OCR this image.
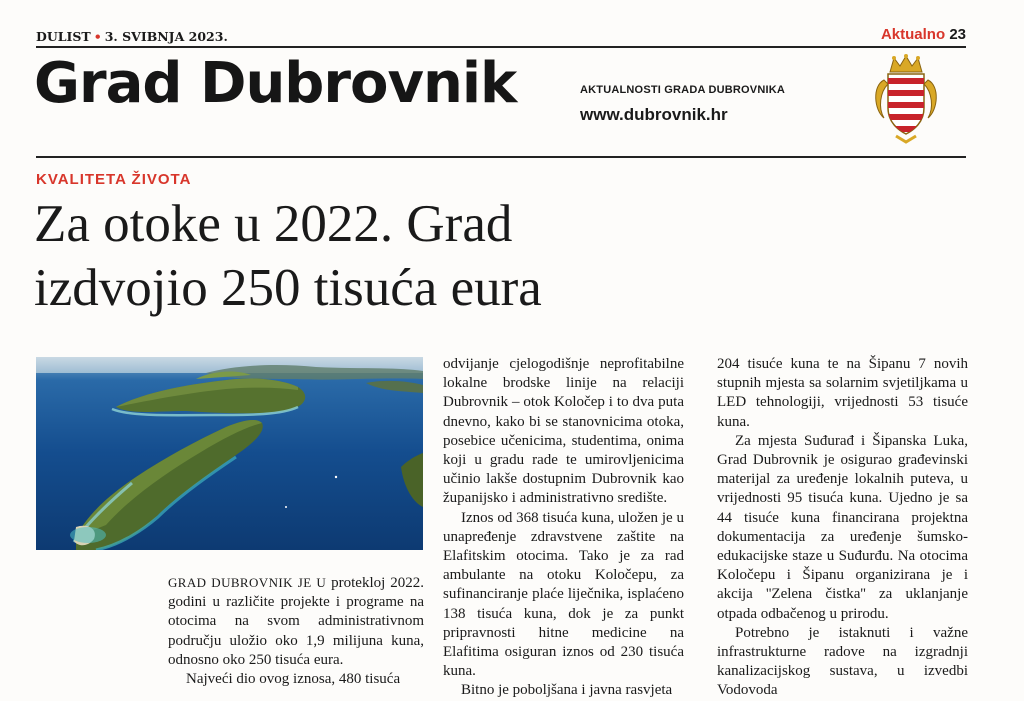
DULIST • 3. SVIBNJA 2023.	Aktualno 23
Grad Dubrovnik	AKTUALNOSTI GRADA DUBROVNIKA
www.dubrovnik.hr
KVALITETA ŽIVOTA
Za otoke u 2022. Grad
izdvojio 250 tisuća eura

GRAD DUBROVNIK JE U protekloj 2022. godini u različite projekte i programe na otocima na svom administrativnom području uložio oko 1,9 milijuna kuna, odnosno oko 250 tisuća eura.

Najveći dio ovog iznosa, 480 tisuća

odvijanje cjelogodišnje neprofitabilne lokalne brodske linije na relaciji Dubrovnik – otok Koločep i to dva puta dnevno, kako bi se stanovnicima otoka, posebice učenicima, studentima, onima koji u gradu rade te umirovljenicima učinio lakše dostupnim Dubrovnik kao županijsko i administrativno središte.

Iznos od 368 tisuća kuna, uložen je u unapređenje zdravstvene zaštite na Elafitskim otocima. Tako je za rad ambulante na otoku Koločepu, za sufinanciranje plaće liječnika, isplaćeno 138 tisuća kuna, dok je za punkt pripravnosti hitne medicine na Elafitima osiguran iznos od 230 tisuća kuna.

Bitno je poboljšana i javna rasvjeta

204 tisuće kuna te na Šipanu 7 novih stupnih mjesta sa solarnim svjetiljkama u LED tehnologiji, vrijednosti 53 tisuće kuna.

Za mjesta Suđurađ i Šipanska Luka, Grad Dubrovnik je osigurao građevinski materijal za uređenje lokalnih puteva, u vrijednosti 95 tisuća kuna. Ujedno je sa 44 tisuće kuna financirana projektna dokumentacija za uređenje šumsko-edukacijske staze u Suđurđu. Na otocima Koločepu i Šipanu organizirana je i akcija ''Zelena čistka'' za uklanjanje otpada odbačenog u prirodu.

Potrebno je istaknuti i važne infrastrukturne radove na izgradnji kanalizacijskog sustava, u izvedbi Vodovoda
